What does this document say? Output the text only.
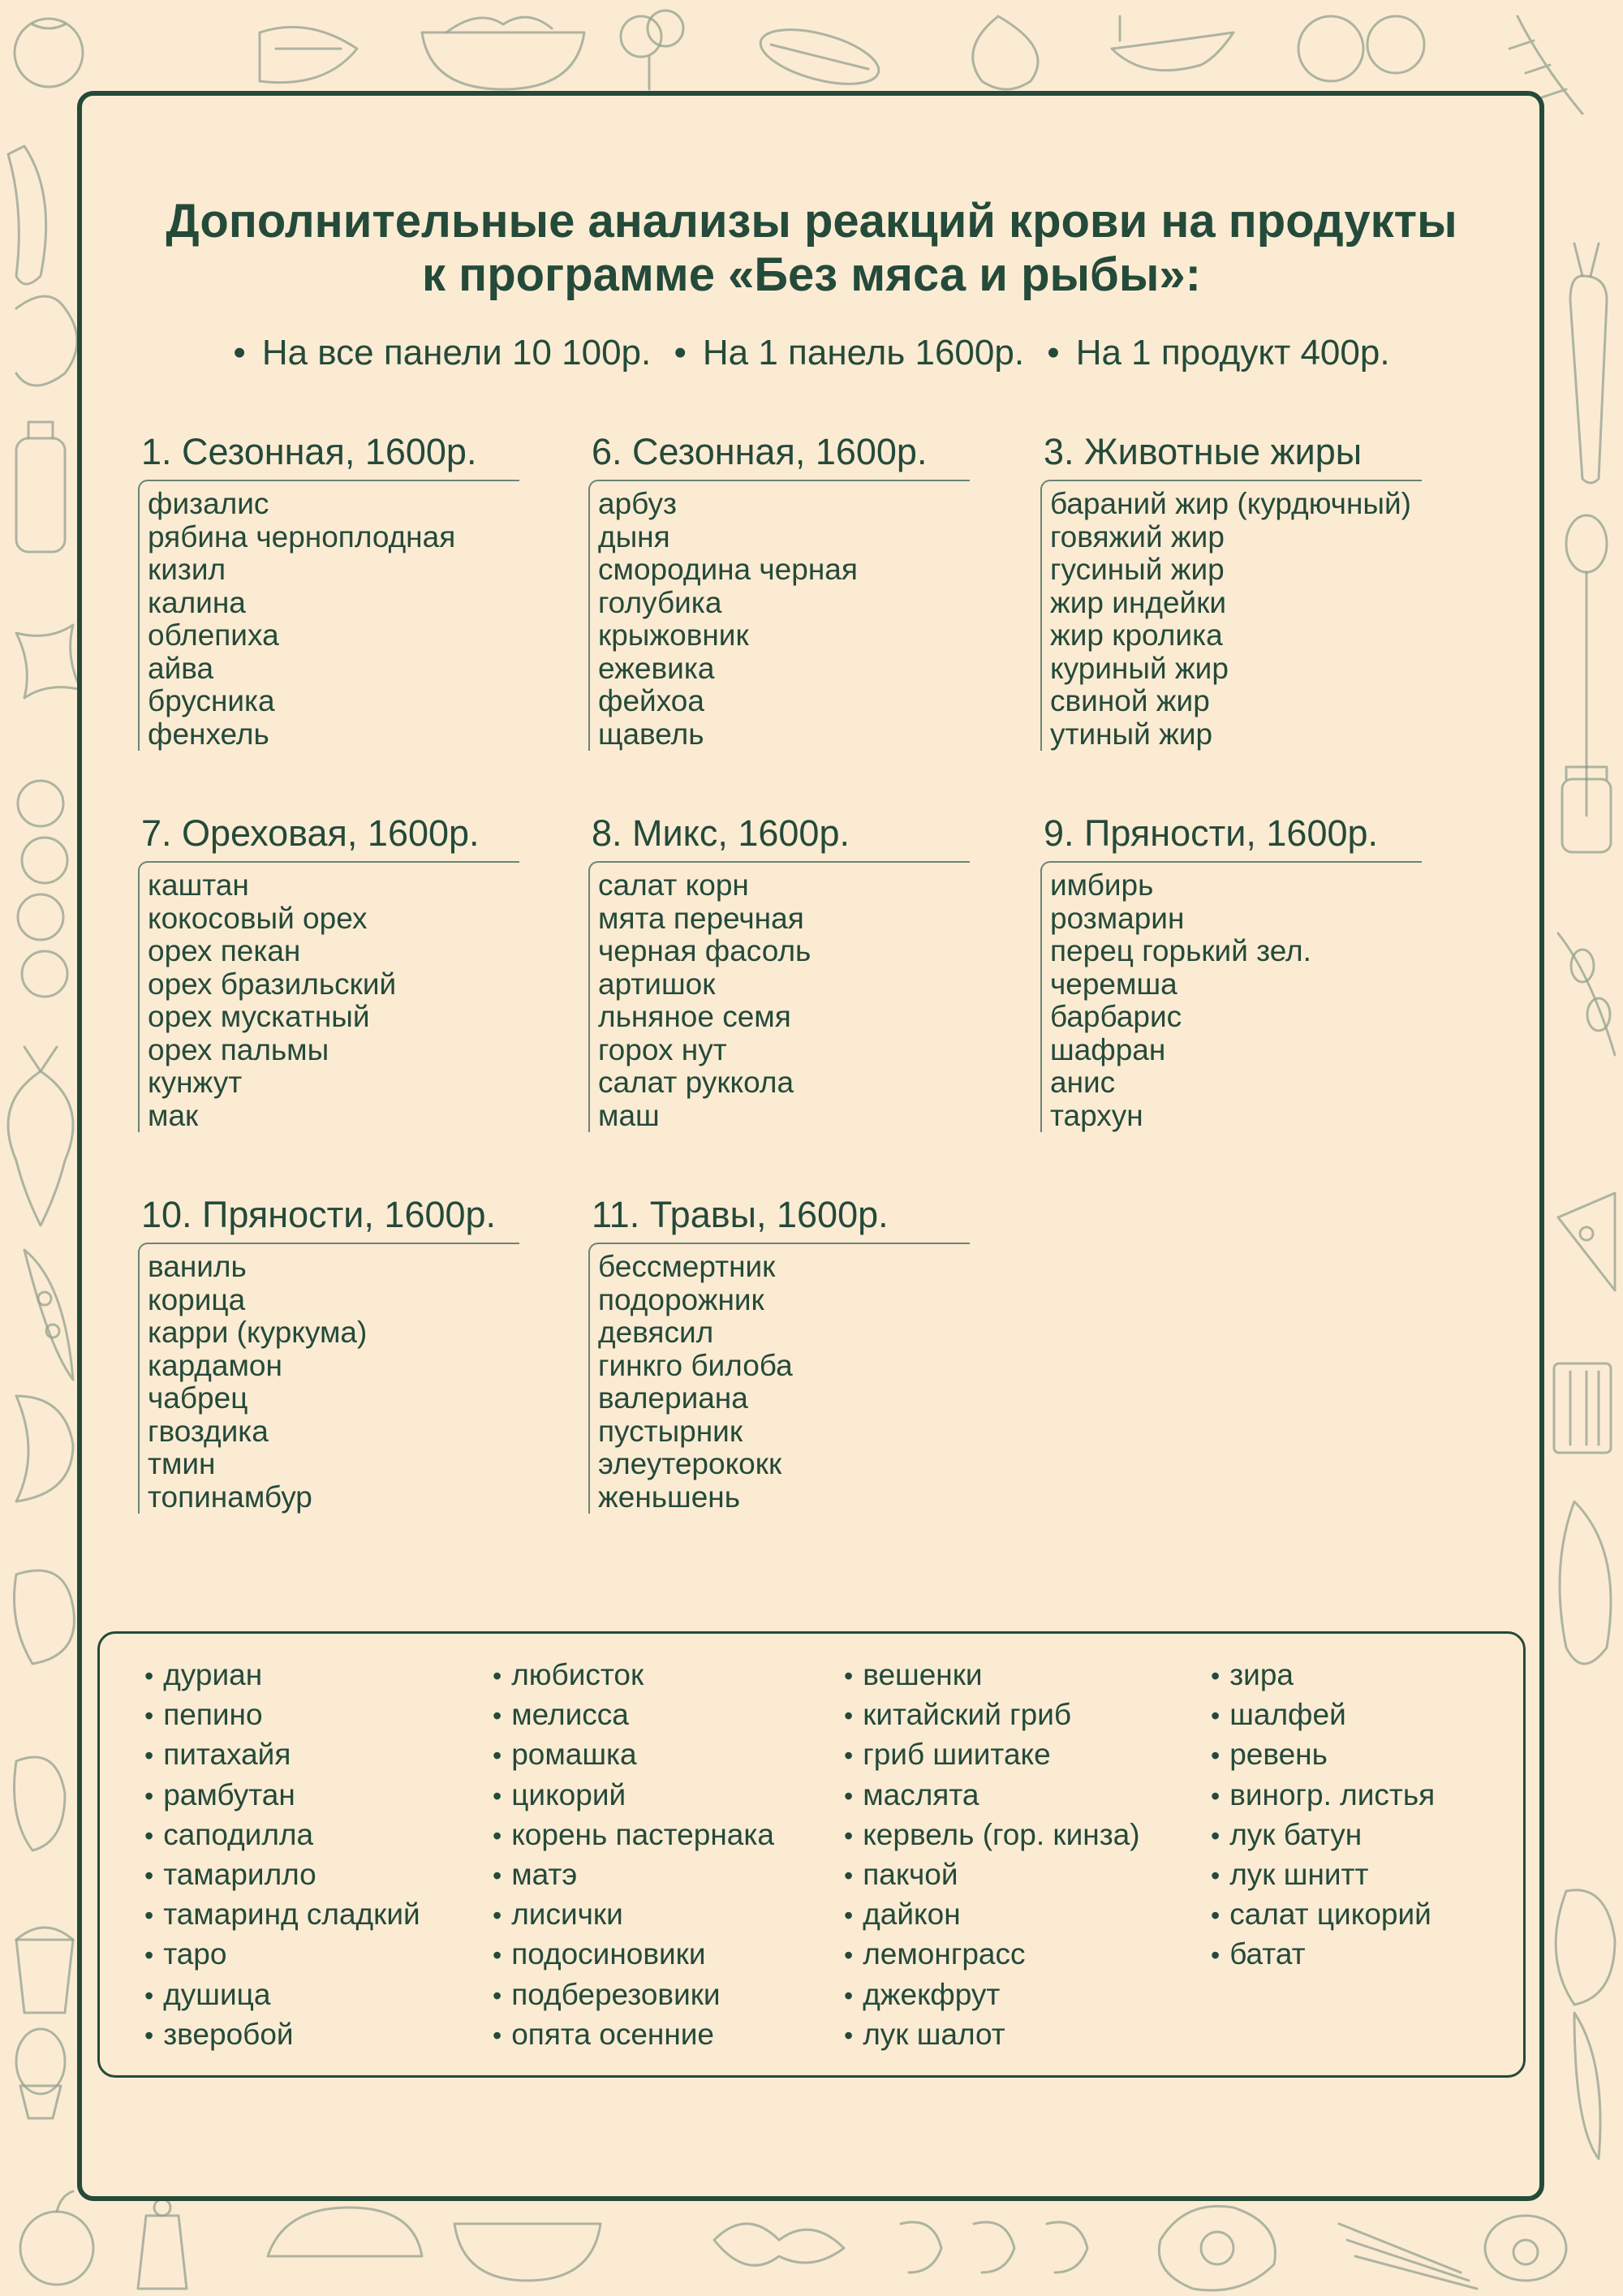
Дополнительные анализы реакций крови на продукты
к программе «Без мяса и рыбы»:
• На все панели 10 100р. • На 1 панель 1600р. • На 1 продукт 400р.
1. Сезонная, 1600р.
физалис
рябина черноплодная
кизил
калина
облепиха
айва
брусника
фенхель
6. Сезонная, 1600р.
арбуз
дыня
смородина черная
голубика
крыжовник
ежевика
фейхоа
щавель
3. Животные жиры
бараний жир (курдючный)
говяжий жир
гусиный жир
жир индейки
жир кролика
куриный жир
свиной жир
утиный жир
7. Ореховая, 1600р.
каштан
кокосовый орех
орех пекан
орех бразильский
орех мускатный
орех пальмы
кунжут
мак
8. Микс, 1600р.
салат корн
мята перечная
черная фасоль
артишок
льняное семя
горох нут
салат руккола
маш
9. Пряности, 1600р.
имбирь
розмарин
перец горький зел.
черемша
барбарис
шафран
анис
тархун
10. Пряности, 1600р.
ваниль
корица
карри (куркума)
кардамон
чабрец
гвоздика
тмин
топинамбур
11. Травы, 1600р.
бессмертник
подорожник
девясил
гинкго билоба
валериана
пустырник
элеутерококк
женьшень
• дуриан
• пепино
• питахайя
• рамбутан
• саподилла
• тамарилло
• тамаринд сладкий
• таро
• душица
• зверобой
• любисток
• мелисса
• ромашка
• цикорий
• корень пастернака
• матэ
• лисички
• подосиновики
• подберезовики
• опята осенние
• вешенки
• китайский гриб
• гриб шиитаке
• маслята
• кервель (гор. кинза)
• пакчой
• дайкон
• лемонграсс
• джекфрут
• лук шалот
• зира
• шалфей
• ревень
• виногр. листья
• лук батун
• лук шнитт
• салат цикорий
• батат
